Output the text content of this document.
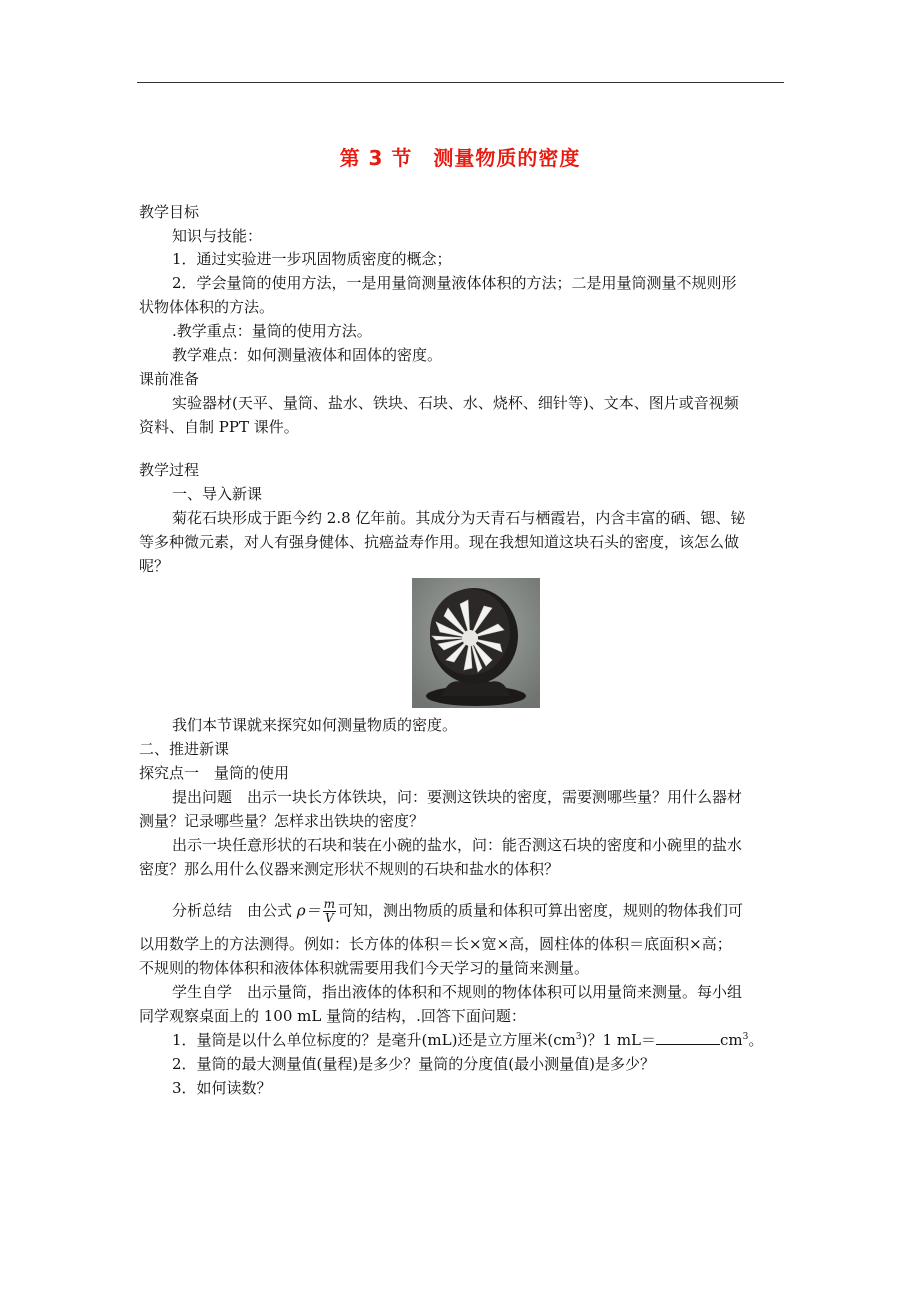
第 3 节　测量物质的密度
教学目标
知识与技能：
1．通过实验进一步巩固物质密度的概念；
2．学会量筒的使用方法，一是用量筒测量液体体积的方法；二是用量筒测量不规则形
状物体体积的方法。
.教学重点：量筒的使用方法。
教学难点：如何测量液体和固体的密度。
课前准备
实验器材(天平、量筒、盐水、铁块、石块、水、烧杯、细针等)、文本、图片或音视频
资料、自制 PPT 课件。
教学过程
一、导入新课
菊花石块形成于距今约 2.8 亿年前。其成分为天青石与栖霞岩，内含丰富的硒、锶、铋
等多种微元素，对人有强身健体、抗癌益寿作用。现在我想知道这块石头的密度，该怎么做
呢？
我们本节课就来探究如何测量物质的密度。
二、推进新课
探究点一　量筒的使用
提出问题　出示一块长方体铁块，问：要测这铁块的密度，需要测哪些量？用什么器材
测量？记录哪些量？怎样求出铁块的密度？
出示一块任意形状的石块和装在小碗的盐水，问：能否测这石块的密度和小碗里的盐水
密度？那么用什么仪器来测定形状不规则的石块和盐水的体积？
分析总结　由公式 $\rho= \frac{m}{V}$ 可知，测出物质的质量和体积可算出密度，规则的物体我们可
以用数学上的方法测得。例如：长方体的体积＝长×宽×高，圆柱体的体积＝底面积×高；
不规则的物体体积和液体体积就需要用我们今天学习的量筒来测量。
学生自学　出示量筒，指出液体的体积和不规则的物体体积可以用量筒来测量。每小组
同学观察桌面上的 100 mL 量筒的结构，.回答下面问题：
1．量筒是以什么单位标度的？是毫升(mL)还是立方厘米$(cm^3)$？1 mL＝	$cm^3$。
2．量筒的最大测量值(量程)是多少？量筒的分度值(最小测量值)是多少？
3．如何读数？
